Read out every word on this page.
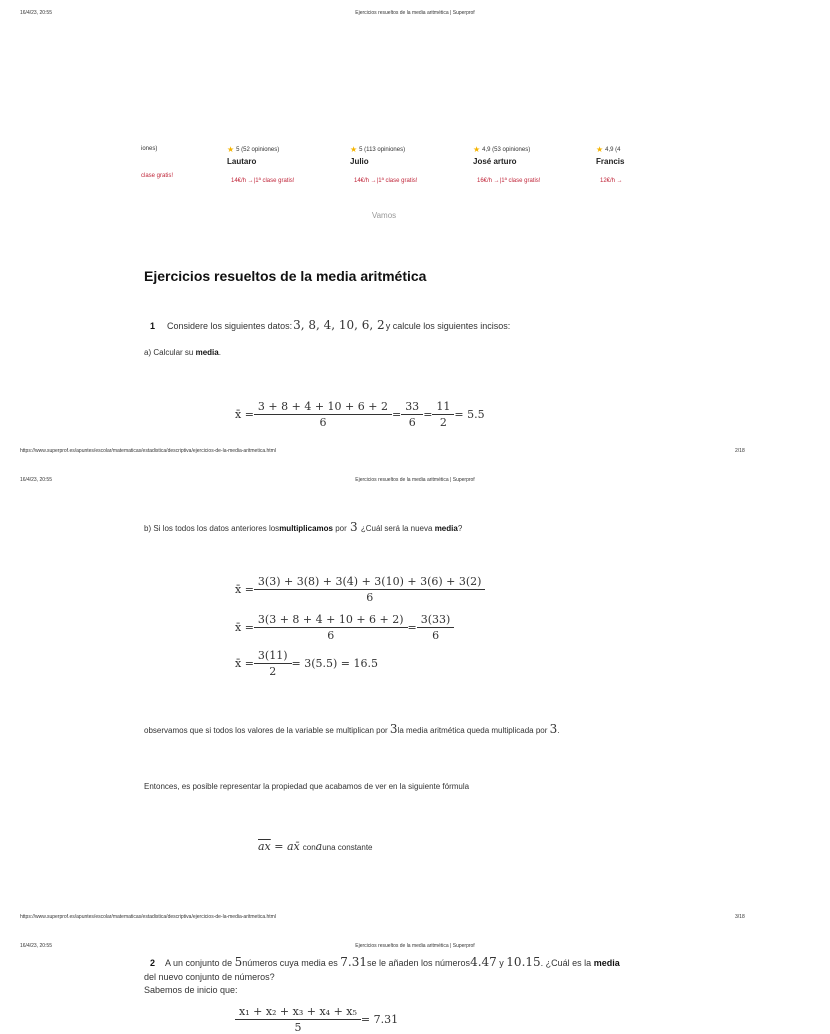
16/4/23, 20:55	Ejercicios resueltos de la media aritmética | Superprof
iones)
clase gratis!
★ 5 (52 opiniones)
Lautaro
14€/h →|1ª clase gratis!
★ 5 (113 opiniones)
Julio
14€/h →|1ª clase gratis!
★ 4,9 (53 opiniones)
José arturo
16€/h →|1ª clase gratis!
★ 4,9 (4
Francis
12€/h →
Vamos
Ejercicios resueltos de la media aritmética
1 Considere los siguientes datos: 3, 8, 4, 10, 6, 2 y calcule los siguientes incisos:
a) Calcular su media.
x̄ = $\frac{3 + 8 + 4 + 10 + 6 + 2}{6} = \frac{33}{6} = \frac{11}{2} = 5.5$
https://www.superprof.es/apuntes/escolar/matematicas/estadistica/descriptiva/ejercicios-de-la-media-aritmetica.html	2/18
16/4/23, 20:55	Ejercicios resueltos de la media aritmética | Superprof
b) Si los todos los datos anteriores los multiplicamos por 3 ¿Cuál será la nueva media ?
x̄ = $\frac{3(3) + 3(8) + 3(4) + 3(10) + 3(6) + 3(2)}{6}$
x̄ = $\frac{3(3 + 8 + 4 + 10 + 6 + 2)}{6} = \frac{3(33)}{6}$
x̄ = $\frac{3(11)}{2} = 3(5.5) = 16.5$
observamos que si todos los valores de la variable se multiplican por 3 la media aritmética queda multiplicada por 3 .
Entonces, es posible representar la propiedad que acabamos de ver en la siguiente fórmula
$\overline{ax}$ = ax̄ con a una constante
https://www.superprof.es/apuntes/escolar/matematicas/estadistica/descriptiva/ejercicios-de-la-media-aritmetica.html	3/18
16/4/23, 20:55	Ejercicios resueltos de la media aritmética | Superprof
2 A un conjunto de 5 números cuya media es 7.31 se le añaden los números 4.47 y 10.15 . ¿Cuál es la media
del nuevo conjunto de números?
Sabemos de inicio que:
$\frac{\text{x₁ + x₂ + x₃ + x₄ + x₅}}{5} = 7.31$
